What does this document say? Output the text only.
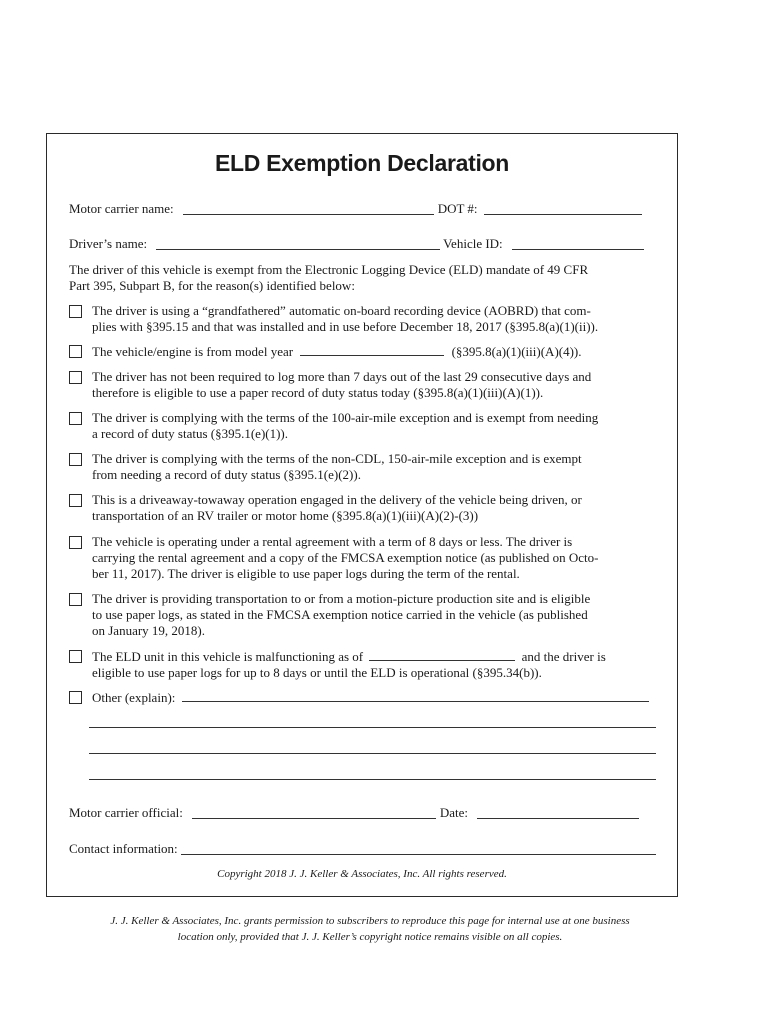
ELD Exemption Declaration
Motor carrier name:	DOT #:
Driver’s name:	Vehicle ID:
The driver of this vehicle is exempt from the Electronic Logging Device (ELD) mandate of 49 CFR
Part 395, Subpart B, for the reason(s) identified below:
The driver is using a “grandfathered” automatic on-board recording device (AOBRD) that com-
plies with §395.15 and that was installed and in use before December 18, 2017 (§395.8(a)(1)(ii)).
The vehicle/engine is from model year	(§395.8(a)(1)(iii)(A)(4)).
The driver has not been required to log more than 7 days out of the last 29 consecutive days and
therefore is eligible to use a paper record of duty status today (§395.8(a)(1)(iii)(A)(1)).
The driver is complying with the terms of the 100-air-mile exception and is exempt from needing
a record of duty status (§395.1(e)(1)).
The driver is complying with the terms of the non-CDL, 150-air-mile exception and is exempt
from needing a record of duty status (§395.1(e)(2)).
This is a driveaway-towaway operation engaged in the delivery of the vehicle being driven, or
transportation of an RV trailer or motor home (§395.8(a)(1)(iii)(A)(2)-(3))
The vehicle is operating under a rental agreement with a term of 8 days or less. The driver is
carrying the rental agreement and a copy of the FMCSA exemption notice (as published on Octo-
ber 11, 2017). The driver is eligible to use paper logs during the term of the rental.
The driver is providing transportation to or from a motion-picture production site and is eligible
to use paper logs, as stated in the FMCSA exemption notice carried in the vehicle (as published
on January 19, 2018).
The ELD unit in this vehicle is malfunctioning as of	and the driver is
eligible to use paper logs for up to 8 days or until the ELD is operational (§395.34(b)).
Other (explain):
Motor carrier official:	Date:
Contact information:
Copyright 2018 J. J. Keller & Associates, Inc. All rights reserved.
J. J. Keller & Associates, Inc. grants permission to subscribers to reproduce this page for internal use at one business
location only, provided that J. J. Keller’s copyright notice remains visible on all copies.
